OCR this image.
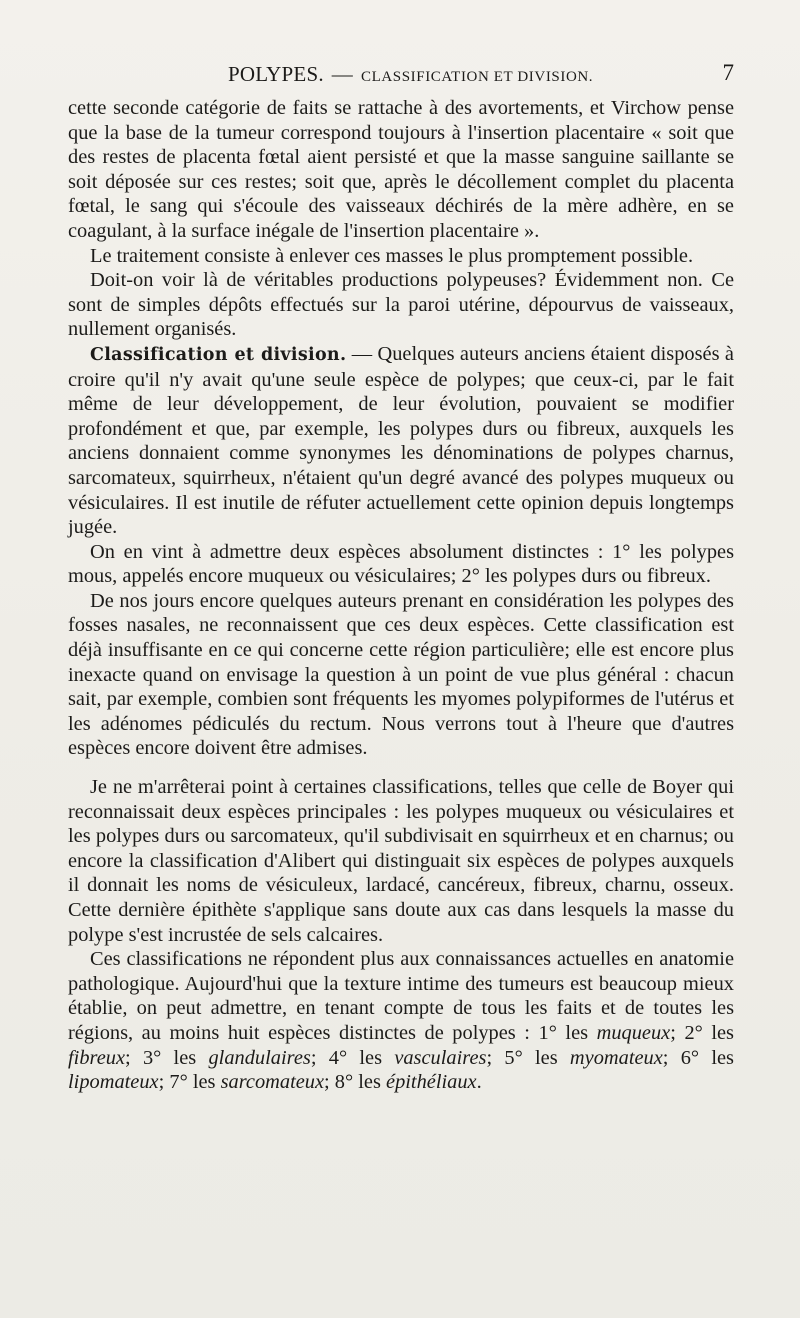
POLYPES. — CLASSIFICATION ET DIVISION.	7

cette seconde catégorie de faits se rattache à des avortements, et Virchow pense que la base de la tumeur correspond toujours à l'insertion placentaire « soit que des restes de placenta fœtal aient persisté et que la masse sanguine saillante se soit déposée sur ces restes; soit que, après le décollement complet du placenta fœtal, le sang qui s'écoule des vaisseaux déchirés de la mère adhère, en se coagulant, à la surface inégale de l'insertion placentaire ».

Le traitement consiste à enlever ces masses le plus promptement possible.

Doit-on voir là de véritables productions polypeuses? Évidemment non. Ce sont de simples dépôts effectués sur la paroi utérine, dépourvus de vaisseaux, nullement organisés.

Classification et division. — Quelques auteurs anciens étaient disposés à croire qu'il n'y avait qu'une seule espèce de polypes; que ceux-ci, par le fait même de leur développement, de leur évolution, pouvaient se modifier profondément et que, par exemple, les polypes durs ou fibreux, auxquels les anciens donnaient comme synonymes les dénominations de polypes charnus, sarcomateux, squirrheux, n'étaient qu'un degré avancé des polypes muqueux ou vésiculaires. Il est inutile de réfuter actuellement cette opinion depuis longtemps jugée.

On en vint à admettre deux espèces absolument distinctes : 1° les polypes mous, appelés encore muqueux ou vésiculaires; 2° les polypes durs ou fibreux.

De nos jours encore quelques auteurs prenant en considération les polypes des fosses nasales, ne reconnaissent que ces deux espèces. Cette classification est déjà insuffisante en ce qui concerne cette région particulière; elle est encore plus inexacte quand on envisage la question à un point de vue plus général : chacun sait, par exemple, combien sont fréquents les myomes polypiformes de l'utérus et les adénomes pédiculés du rectum. Nous verrons tout à l'heure que d'autres espèces encore doivent être admises.

Je ne m'arrêterai point à certaines classifications, telles que celle de Boyer qui reconnaissait deux espèces principales : les polypes muqueux ou vésiculaires et les polypes durs ou sarcomateux, qu'il subdivisait en squirrheux et en charnus; ou encore la classification d'Alibert qui distinguait six espèces de polypes auxquels il donnait les noms de vésiculeux, lardacé, cancéreux, fibreux, charnu, osseux. Cette dernière épithète s'applique sans doute aux cas dans lesquels la masse du polype s'est incrustée de sels calcaires.

Ces classifications ne répondent plus aux connaissances actuelles en anatomie pathologique. Aujourd'hui que la texture intime des tumeurs est beaucoup mieux établie, on peut admettre, en tenant compte de tous les faits et de toutes les régions, au moins huit espèces distinctes de polypes : 1° les muqueux; 2° les fibreux; 3° les glandulaires; 4° les vasculaires; 5° les myomateux; 6° les lipomateux; 7° les sarcomateux; 8° les épithéliaux.
